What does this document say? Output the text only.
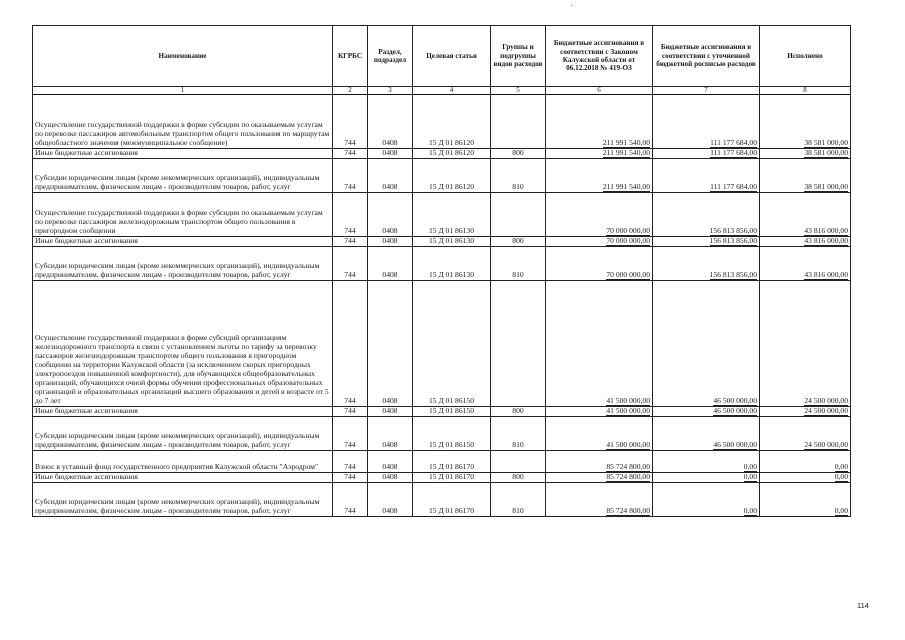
Наименование	КГРБС	Раздел, подраздел	Целевая статья	Группы и подгруппы видов расходов	Бюджетные ассигнования в соответствии с Законом Калужской области от 06.12.2018 № 419-ОЗ	Бюджетные ассигнования в соответствии с уточненной бюджетной росписью расходов	Исполнено
1	2	3	4	5	6	7	8
Осуществление государственной поддержки в форме субсидии по оказываемым услугам по перевозке пассажиров автомобильным транспортом общего пользования по маршрутам общеобластного значения (межмуниципальное сообщение)	744	0408	15 Д 01 86120		211 991 540,00	111 177 684,00	38 581 000,00
Иные бюджетные ассигнования	744	0408	15 Д 01 86120	800	211 991 540,00	111 177 684,00	38 581 000,00
Субсидии юридическим лицам (кроме некоммерческих организаций), индивидуальным предпринимателям, физическим лицам - производителям товаров, работ, услуг	744	0408	15 Д 01 86120	810	211 991 540,00	111 177 684,00	38 581 000,00
Осуществление государственной поддержки в форме субсидии по оказываемым услугам по перевозке пассажиров железнодорожным транспортом общего пользования в пригородном сообщении	744	0408	15 Д 01 86130		70 000 000,00	156 813 856,00	43 816 000,00
Иные бюджетные ассигнования	744	0408	15 Д 01 86130	800	70 000 000,00	156 813 856,00	43 816 000,00
Субсидии юридическим лицам (кроме некоммерческих организаций), индивидуальным предпринимателям, физическим лицам - производителям товаров, работ, услуг	744	0408	15 Д 01 86130	810	70 000 000,00	156 813 856,00	43 816 000,00
Осуществление государственной поддержки в форме субсидий организациям железнодорожного транспорта в связи с установлением льготы по тарифу за перевозку пассажиров железнодорожным транспортом общего пользования в пригородном сообщении на территории Калужской области (за исключением скорых пригородных электропоездов повышенной комфортности), для обучающихся общеобразовательных организаций, обучающихся очной формы обучения профессиональных образовательных организаций и образовательных организаций высшего образования и детей в возрасте от 5 до 7 лет	744	0408	15 Д 01 86150		41 500 000,00	46 500 000,00	24 500 000,00
Иные бюджетные ассигнования	744	0408	15 Д 01 86150	800	41 500 000,00	46 500 000,00	24 500 000,00
Субсидии юридическим лицам (кроме некоммерческих организаций), индивидуальным предпринимателям, физическим лицам - производителям товаров, работ, услуг	744	0408	15 Д 01 86150	810	41 500 000,00	46 500 000,00	24 500 000,00
Взнос в уставный фонд государственного предприятия Калужской области "Аэродром"	744	0408	15 Д 01 86170		85 724 800,00	0,00	0,00
Иные бюджетные ассигнования	744	0408	15 Д 01 86170	800	85 724 800,00	0,00	0,00
Субсидии юридическим лицам (кроме некоммерческих организаций), индивидуальным предпринимателям, физическим лицам - производителям товаров, работ, услуг	744	0408	15 Д 01 86170	810	85 724 800,00	0,00	0,00
114
